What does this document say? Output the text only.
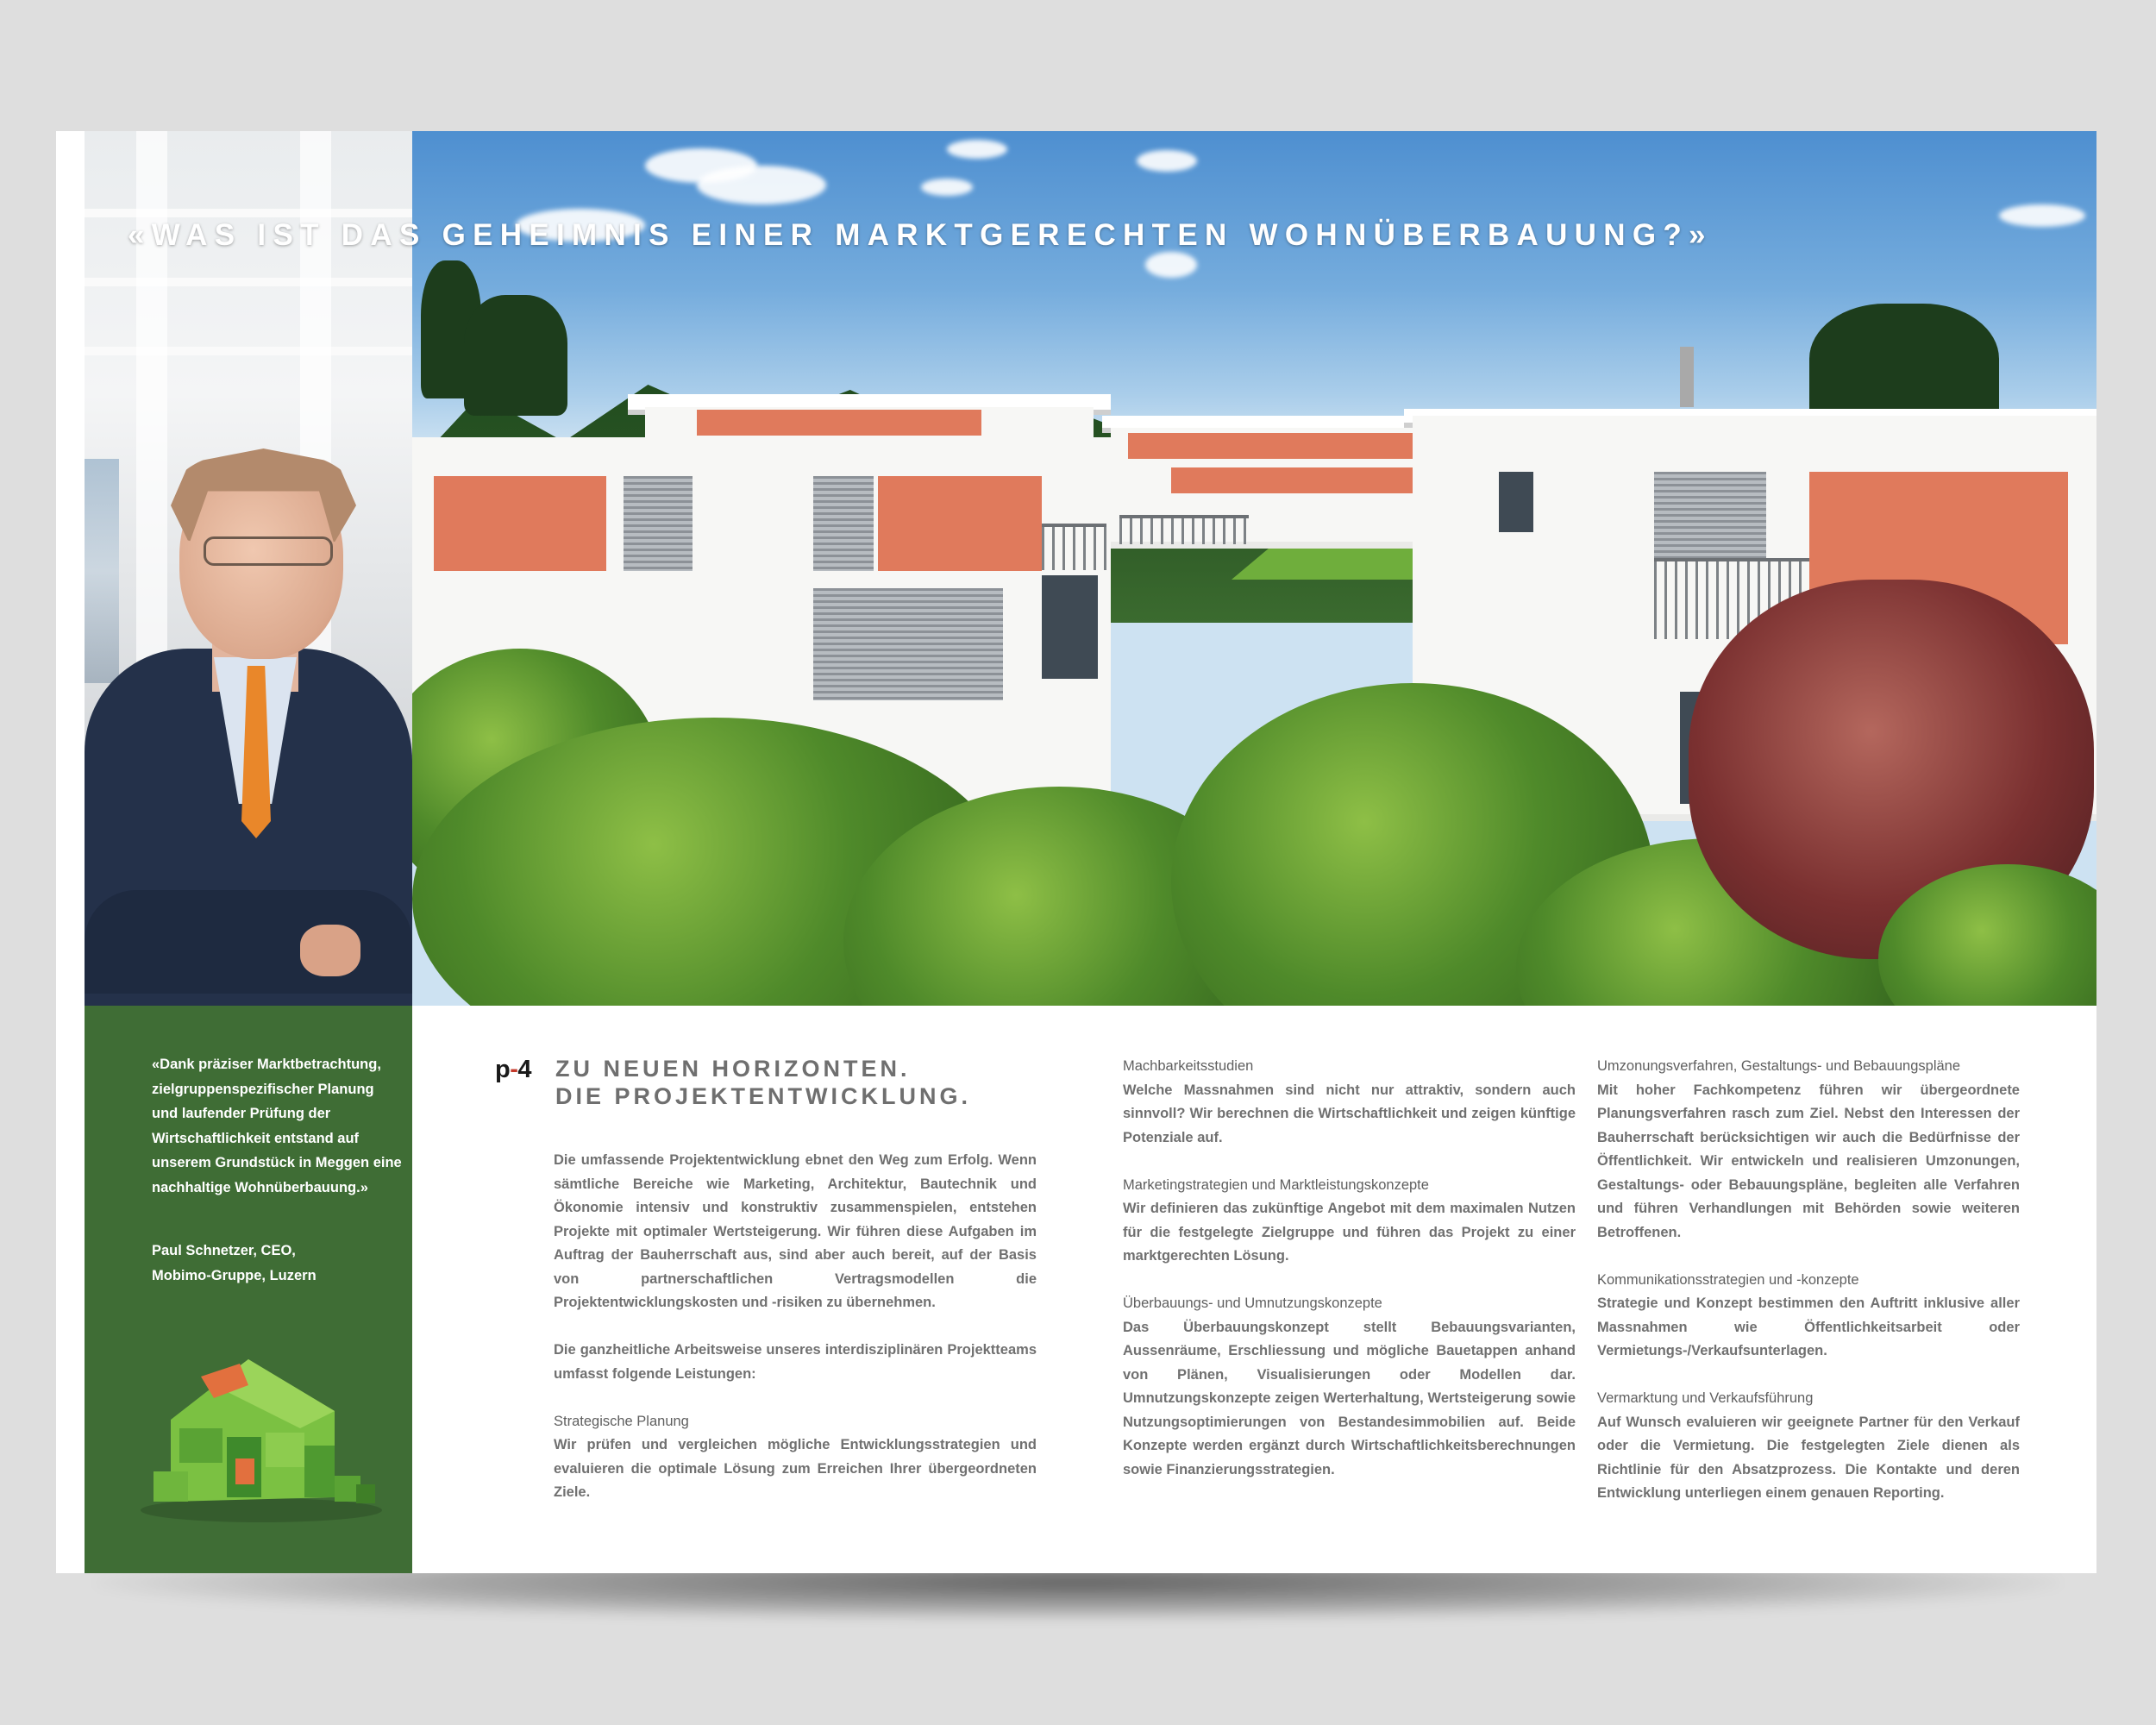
«WAS IST DAS GEHEIMNIS EINER MARKTGERECHTEN WOHNÜBERBAUUNG?»
«Dank präziser Marktbetrachtung, zielgruppenspezifischer Planung und laufender Prüfung der Wirtschaftlichkeit entstand auf unserem Grundstück in Meggen eine nachhaltige Wohnüberbauung.»
Paul Schnetzer, CEO,
Mobimo-Gruppe, Luzern
p-4 ZU NEUEN HORIZONTEN.
DIE PROJEKTENTWICKLUNG.

Die umfassende Projektentwicklung ebnet den Weg zum Erfolg. Wenn sämtliche Bereiche wie Marketing, Architektur, Bautechnik und Ökonomie intensiv und konstruktiv zusammenspielen, entstehen Projekte mit optimaler Wertsteigerung. Wir führen diese Aufgaben im Auftrag der Bauherrschaft aus, sind aber auch bereit, auf der Basis von partnerschaftlichen Vertragsmodellen die Projektentwicklungskosten und -risiken zu übernehmen.

Die ganzheitliche Arbeitsweise unseres interdisziplinären Projektteams umfasst folgende Leistungen:

Strategische Planung
Wir prüfen und vergleichen mögliche Entwicklungsstrategien und evaluieren die optimale Lösung zum Erreichen Ihrer übergeordneten Ziele.

Machbarkeitsstudien
Welche Massnahmen sind nicht nur attraktiv, sondern auch sinnvoll? Wir berechnen die Wirtschaftlichkeit und zeigen künftige Potenziale auf.

Marketingstrategien und Marktleistungskonzepte
Wir definieren das zukünftige Angebot mit dem maximalen Nutzen für die festgelegte Zielgruppe und führen das Projekt zu einer marktgerechten Lösung.

Überbauungs- und Umnutzungskonzepte
Das Überbauungskonzept stellt Bebauungsvarianten, Aussenräume, Erschliessung und mögliche Bauetappen anhand von Plänen, Visualisierungen oder Modellen dar. Umnutzungskonzepte zeigen Werterhaltung, Wertsteigerung sowie Nutzungsoptimierungen von Bestandesimmobilien auf. Beide Konzepte werden ergänzt durch Wirtschaftlichkeitsberechnungen sowie Finanzierungsstrategien.

Umzonungsverfahren, Gestaltungs- und Bebauungspläne
Mit hoher Fachkompetenz führen wir übergeordnete Planungsverfahren rasch zum Ziel. Nebst den Interessen der Bauherrschaft berücksichtigen wir auch die Bedürfnisse der Öffentlichkeit. Wir entwickeln und realisieren Umzonungen, Gestaltungs- oder Bebauungspläne, begleiten alle Verfahren und führen Verhandlungen mit Behörden sowie weiteren Betroffenen.

Kommunikationsstrategien und -konzepte
Strategie und Konzept bestimmen den Auftritt inklusive aller Massnahmen wie Öffentlichkeitsarbeit oder Vermietungs-/Verkaufsunterlagen.

Vermarktung und Verkaufsführung
Auf Wunsch evaluieren wir geeignete Partner für den Verkauf oder die Vermietung. Die festgelegten Ziele dienen als Richtlinie für den Absatzprozess. Die Kontakte und deren Entwicklung unterliegen einem genauen Reporting.
